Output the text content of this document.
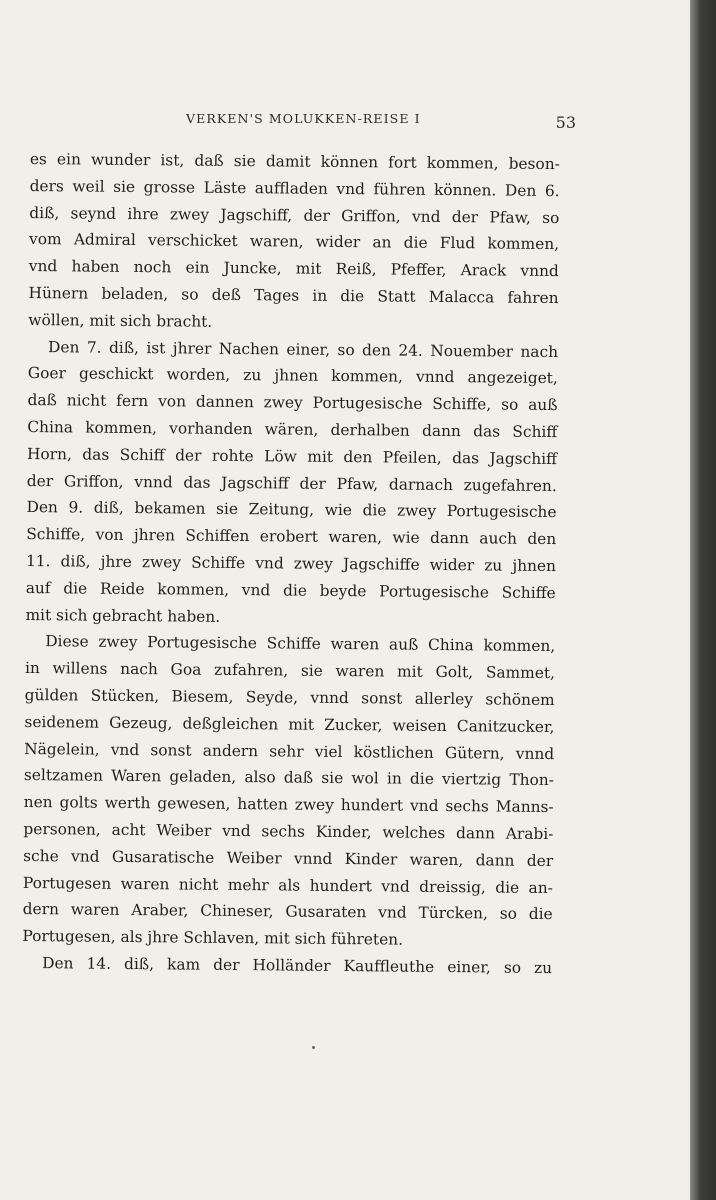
VERKEN'S MOLUKKEN-REISE I	53
es ein wunder ist, daß sie damit können fort kommen, beson-
ders weil sie grosse Läste auffladen vnd führen können. Den 6.
diß, seynd ihre zwey Jagschiff, der Griffon, vnd der Pfaw, so
vom Admiral verschicket waren, wider an die Flud kommen,
vnd haben noch ein Juncke, mit Reiß, Pfeffer, Arack vnnd
Hünern beladen, so deß Tages in die Statt Malacca fahren
wöllen, mit sich bracht.
Den 7. diß, ist jhrer Nachen einer, so den 24. Nouember nach
Goer geschickt worden, zu jhnen kommen, vnnd angezeiget,
daß nicht fern von dannen zwey Portugesische Schiffe, so auß
China kommen, vorhanden wären, derhalben dann das Schiff
Horn, das Schiff der rohte Löw mit den Pfeilen, das Jagschiff
der Griffon, vnnd das Jagschiff der Pfaw, darnach zugefahren.
Den 9. diß, bekamen sie Zeitung, wie die zwey Portugesische
Schiffe, von jhren Schiffen erobert waren, wie dann auch den
11. diß, jhre zwey Schiffe vnd zwey Jagschiffe wider zu jhnen
auf die Reide kommen, vnd die beyde Portugesische Schiffe
mit sich gebracht haben.
Diese zwey Portugesische Schiffe waren auß China kommen,
in willens nach Goa zufahren, sie waren mit Golt, Sammet,
gülden Stücken, Biesem, Seyde, vnnd sonst allerley schönem
seidenem Gezeug, deßgleichen mit Zucker, weisen Canitzucker,
Nägelein, vnd sonst andern sehr viel köstlichen Gütern, vnnd
seltzamen Waren geladen, also daß sie wol in die viertzig Thon-
nen golts werth gewesen, hatten zwey hundert vnd sechs Manns-
personen, acht Weiber vnd sechs Kinder, welches dann Arabi-
sche vnd Gusaratische Weiber vnnd Kinder waren, dann der
Portugesen waren nicht mehr als hundert vnd dreissig, die an-
dern waren Araber, Chineser, Gusaraten vnd Türcken, so die
Portugesen, als jhre Schlaven, mit sich führeten.
Den 14. diß, kam der Holländer Kauffleuthe einer, so zu
